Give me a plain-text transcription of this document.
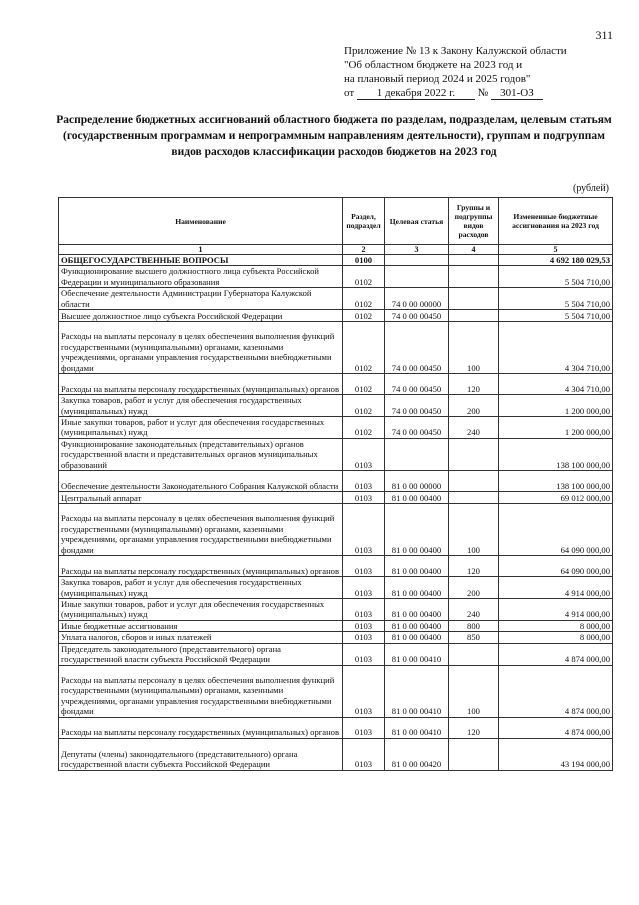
311
Приложение № 13 к Закону Калужской области
"Об областном бюджете на 2023 год и
на плановый период 2024 и 2025 годов"
от 1 декабря 2022 г. № 301-ОЗ
Распределение бюджетных ассигнований областного бюджета по разделам, подразделам, целевым статьям (государственным программам и непрограммным направлениям деятельности), группам и подгруппам видов расходов классификации расходов бюджетов на 2023 год
(рублей)
Наименование	Раздел, подраздел	Целевая статья	Группы и подгруппы видов расходов	Измененные бюджетные ассигнования на 2023 год
1	2	3	4	5
ОБЩЕГОСУДАРСТВЕННЫЕ ВОПРОСЫ	0100			4 692 180 029,53
Функционирование высшего должностного лица субъекта Российской Федерации и муниципального образования	0102			5 504 710,00
Обеспечение деятельности Администрации Губернатора Калужской области	0102	74 0 00 00000		5 504 710,00
Высшее должностное лицо субъекта Российской Федерации	0102	74 0 00 00450		5 504 710,00
Расходы на выплаты персоналу в целях обеспечения выполнения функций государственными (муниципальными) органами, казенными учреждениями, органами управления государственными внебюджетными фондами	0102	74 0 00 00450	100	4 304 710,00
Расходы на выплаты персоналу государственных (муниципальных) органов	0102	74 0 00 00450	120	4 304 710,00
Закупка товаров, работ и услуг для обеспечения государственных (муниципальных) нужд	0102	74 0 00 00450	200	1 200 000,00
Иные закупки товаров, работ и услуг для обеспечения государственных (муниципальных) нужд	0102	74 0 00 00450	240	1 200 000,00
Функционирование законодательных (представительных) органов государственной власти и представительных органов муниципальных образований	0103			138 100 000,00
Обеспечение деятельности Законодательного Собрания Калужской области	0103	81 0 00 00000		138 100 000,00
Центральный аппарат	0103	81 0 00 00400		69 012 000,00
Расходы на выплаты персоналу в целях обеспечения выполнения функций государственными (муниципальными) органами, казенными учреждениями, органами управления государственными внебюджетными фондами	0103	81 0 00 00400	100	64 090 000,00
Расходы на выплаты персоналу государственных (муниципальных) органов	0103	81 0 00 00400	120	64 090 000,00
Закупка товаров, работ и услуг для обеспечения государственных (муниципальных) нужд	0103	81 0 00 00400	200	4 914 000,00
Иные закупки товаров, работ и услуг для обеспечения государственных (муниципальных) нужд	0103	81 0 00 00400	240	4 914 000,00
Иные бюджетные ассигнования	0103	81 0 00 00400	800	8 000,00
Уплата налогов, сборов и иных платежей	0103	81 0 00 00400	850	8 000,00
Председатель законодательного (представительного) органа государственной власти субъекта Российской Федерации	0103	81 0 00 00410		4 874 000,00
Расходы на выплаты персоналу в целях обеспечения выполнения функций государственными (муниципальными) органами, казенными учреждениями, органами управления государственными внебюджетными фондами	0103	81 0 00 00410	100	4 874 000,00
Расходы на выплаты персоналу государственных (муниципальных) органов	0103	81 0 00 00410	120	4 874 000,00
Депутаты (члены) законодательного (представительного) органа государственной власти субъекта Российской Федерации	0103	81 0 00 00420		43 194 000,00
